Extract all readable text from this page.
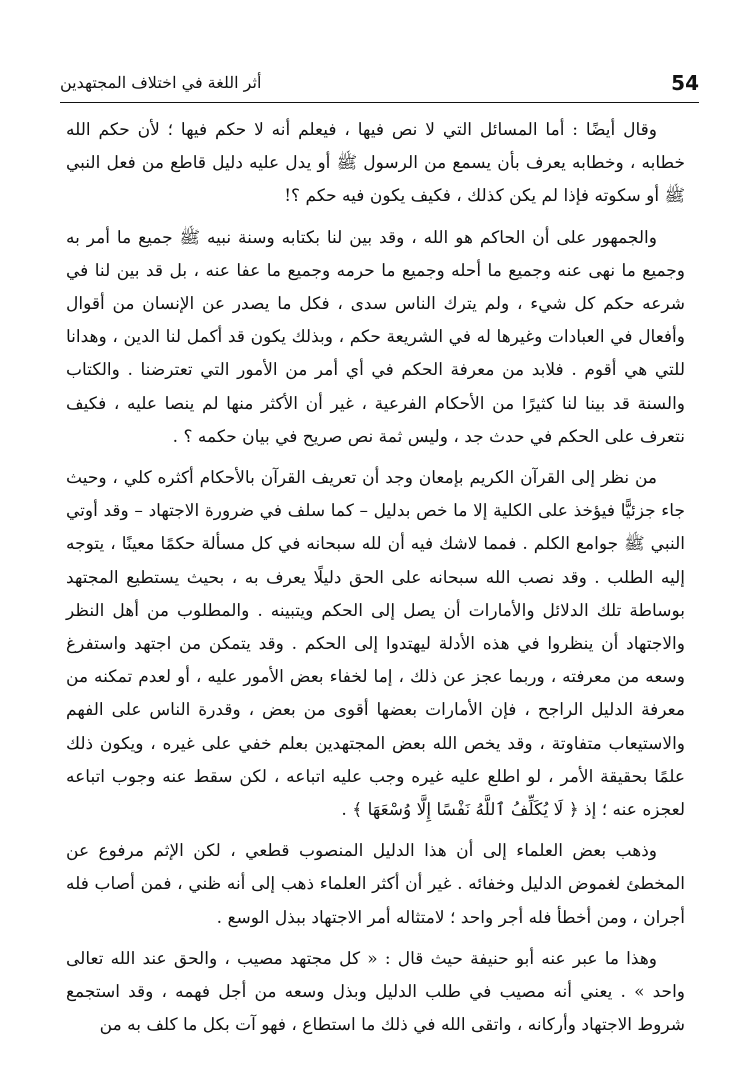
54
أثر اللغة في اختلاف المجتهدين

وقال أيضًا : أما المسائل التي لا نص فيها ، فيعلم أنه لا حكم فيها ؛ لأن حكم الله خطابه ، وخطابه يعرف بأن يسمع من الرسول ﷺ أو يدل عليه دليل قاطع من فعل النبي ﷺ أو سكوته فإذا لم يكن كذلك ، فكيف يكون فيه حكم ؟!

والجمهور على أن الحاكم هو الله ، وقد بين لنا بكتابه وسنة نبيه ﷺ جميع ما أمر به وجميع ما نهى عنه وجميع ما أحله وجميع ما حرمه وجميع ما عفا عنه ، بل قد بين لنا في شرعه حكم كل شيء ، ولم يترك الناس سدى ، فكل ما يصدر عن الإنسان من أقوال وأفعال في العبادات وغيرها له في الشريعة حكم ، وبذلك يكون قد أكمل لنا الدين ، وهدانا للتي هي أقوم . فلابد من معرفة الحكم في أي أمر من الأمور التي تعترضنا . والكتاب والسنة قد بينا لنا كثيرًا من الأحكام الفرعية ، غير أن الأكثر منها لم ينصا عليه ، فكيف نتعرف على الحكم في حدث جد ، وليس ثمة نص صريح في بيان حكمه ؟ .

من نظر إلى القرآن الكريم بإمعان وجد أن تعريف القرآن بالأحكام أكثره كلي ، وحيث جاء جزئيًّا فيؤخذ على الكلية إلا ما خص بدليل – كما سلف في ضرورة الاجتهاد – وقد أوتي النبي ﷺ جوامع الكلم . فمما لاشك فيه أن لله سبحانه في كل مسألة حكمًا معينًا ، يتوجه إليه الطلب . وقد نصب الله سبحانه على الحق دليلًا يعرف به ، بحيث يستطيع المجتهد بوساطة تلك الدلائل والأمارات أن يصل إلى الحكم ويتبينه . والمطلوب من أهل النظر والاجتهاد أن ينظروا في هذه الأدلة ليهتدوا إلى الحكم . وقد يتمكن من اجتهد واستفرغ وسعه من معرفته ، وربما عجز عن ذلك ، إما لخفاء بعض الأمور عليه ، أو لعدم تمكنه من معرفة الدليل الراجح ، فإن الأمارات بعضها أقوى من بعض ، وقدرة الناس على الفهم والاستيعاب متفاوتة ، وقد يخص الله بعض المجتهدين بعلم خفي على غيره ، ويكون ذلك علمًا بحقيقة الأمر ، لو اطلع عليه غيره وجب عليه اتباعه ، لكن سقط عنه وجوب اتباعه لعجزه عنه ؛ إذ ﴿ لَا يُكَلِّفُ ٱللَّهُ نَفْسًا إِلَّا وُسْعَهَا ﴾ .

وذهب بعض العلماء إلى أن هذا الدليل المنصوب قطعي ، لكن الإثم مرفوع عن المخطئ لغموض الدليل وخفائه . غير أن أكثر العلماء ذهب إلى أنه ظني ، فمن أصاب فله أجران ، ومن أخطأ فله أجر واحد ؛ لامتثاله أمر الاجتهاد ببذل الوسع .

وهذا ما عبر عنه أبو حنيفة حيث قال : « كل مجتهد مصيب ، والحق عند الله تعالى واحد » . يعني أنه مصيب في طلب الدليل وبذل وسعه من أجل فهمه ، وقد استجمع شروط الاجتهاد وأركانه ، واتقى الله في ذلك ما استطاع ، فهو آت بكل ما كلف به من
